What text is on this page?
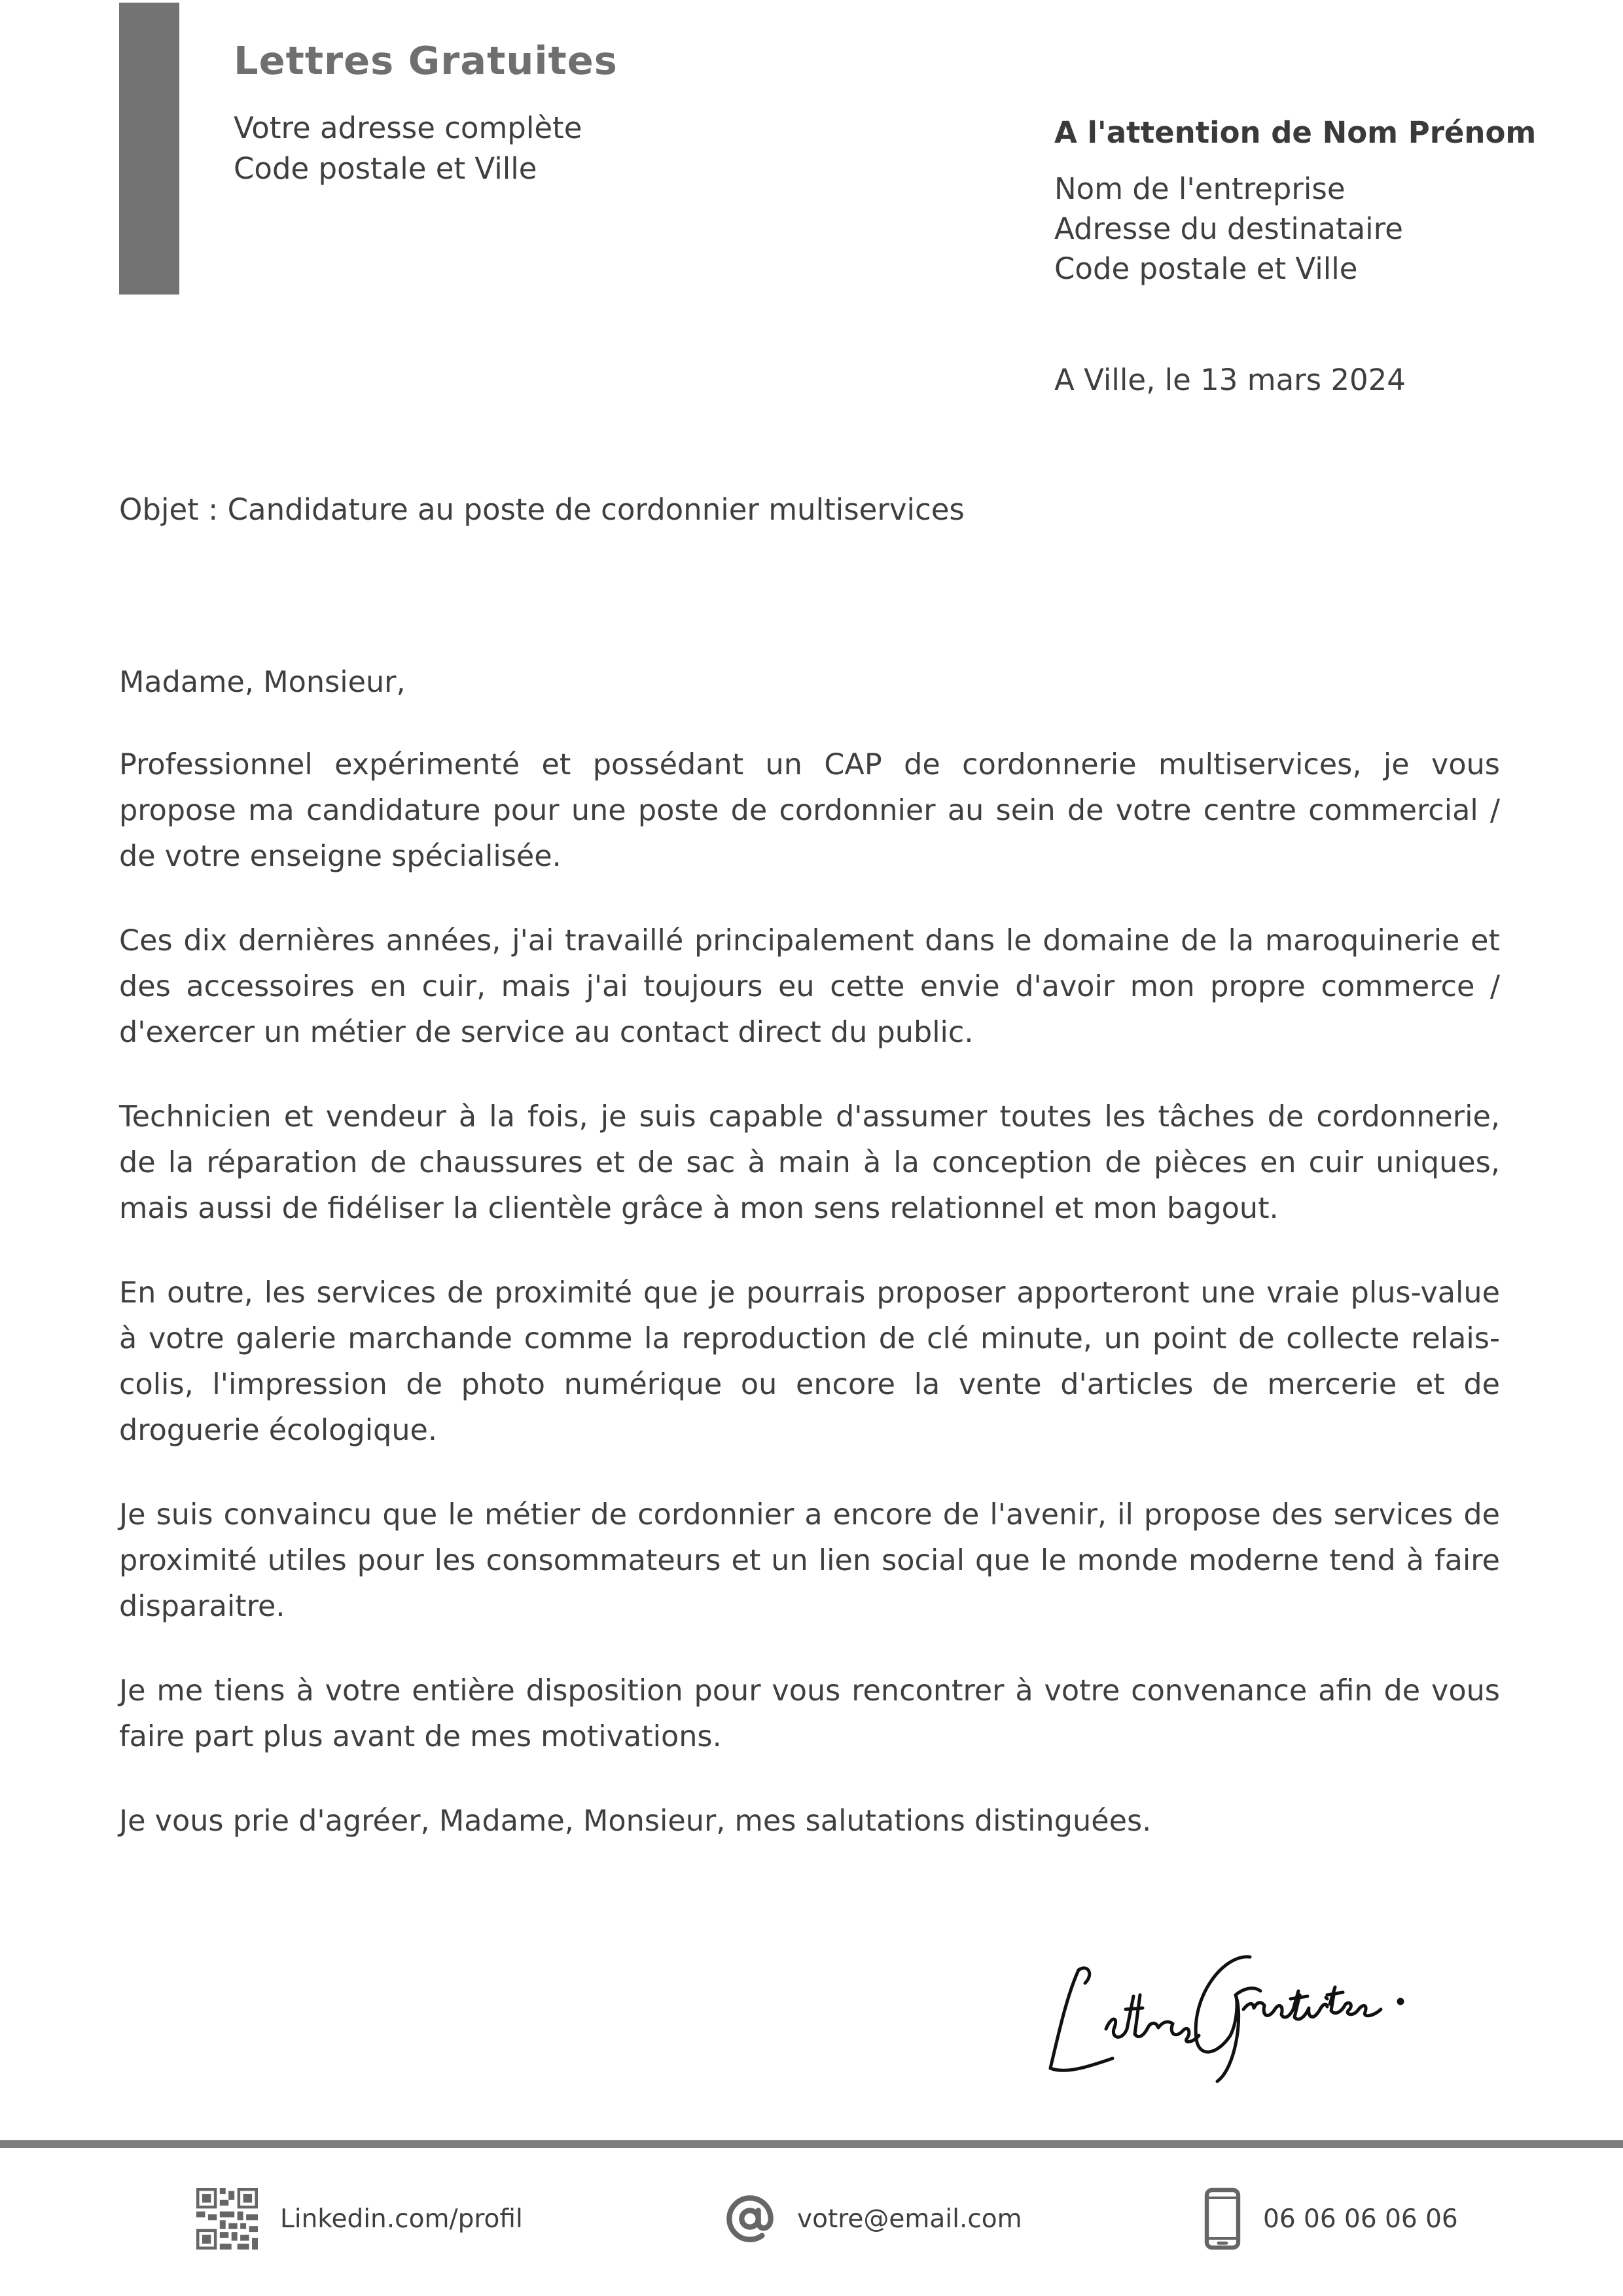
Lettres Gratuites
Votre adresse complète
Code postale et Ville
A l'attention de Nom Prénom
Nom de l'entreprise
Adresse du destinataire
Code postale et Ville
A Ville, le 13 mars 2024
Objet : Candidature au poste de cordonnier multiservices

Madame, Monsieur,

Professionnel expérimenté et possédant un CAP de cordonnerie multiservices, je vous propose ma candidature pour une poste de cordonnier au sein de votre centre commercial / de votre enseigne spécialisée.

Ces dix dernières années, j'ai travaillé principalement dans le domaine de la maroquinerie et des accessoires en cuir, mais j'ai toujours eu cette envie d'avoir mon propre commerce / d'exercer un métier de service au contact direct du public.

Technicien et vendeur à la fois, je suis capable d'assumer toutes les tâches de cordonnerie, de la réparation de chaussures et de sac à main à la conception de pièces en cuir uniques, mais aussi de fidéliser la clientèle grâce à mon sens relationnel et mon bagout.

En outre, les services de proximité que je pourrais proposer apporteront une vraie plus-value à votre galerie marchande comme la reproduction de clé minute, un point de collecte relais-colis, l'impression de photo numérique ou encore la vente d'articles de mercerie et de droguerie écologique.

Je suis convaincu que le métier de cordonnier a encore de l'avenir, il propose des services de proximité utiles pour les consommateurs et un lien social que le monde moderne tend à faire disparaitre.

Je me tiens à votre entière disposition pour vous rencontrer à votre convenance afin de vous faire part plus avant de mes motivations.

Je vous prie d'agréer, Madame, Monsieur, mes salutations distinguées.

Linkedin.com/profil	votre@email.com	06 06 06 06 06
